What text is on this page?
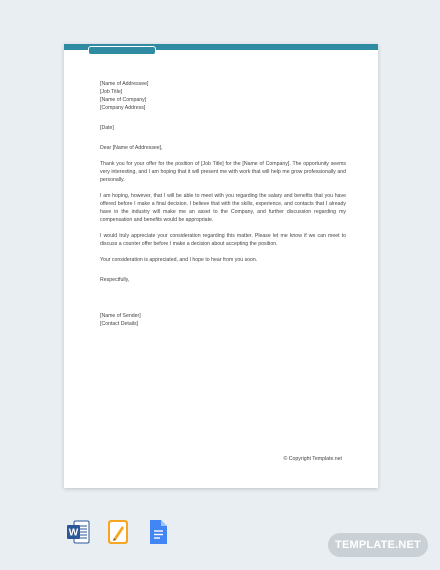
[Name of Addressee]
[Job Title]
[Name of Company]
[Company Address]
[Date]
Dear [Name of Addressee],
Thank you for your offer for the position of [Job Title] for the [Name of Company]. The opportunity seems very interesting, and I am hoping that it will present me with work that will help me grow professionally and personally.
I am hoping, however, that I will be able to meet with you regarding the salary and benefits that you have offered before I make a final decision. I believe that with the skills, experience, and contacts that I already have in the industry will make me an asset to the Company, and further discussion regarding my compensation and benefits would be appropriate.
I would truly appreciate your consideration regarding this matter. Please let me know if we can meet to discuss a counter offer before I make a decision about accepting the position.
Your consideration is appreciated, and I hope to hear from you soon.
Respectfully,
[Name of Sender]
[Contact Details]
© Copyright Template.net
W
TEMPLATE.NET
